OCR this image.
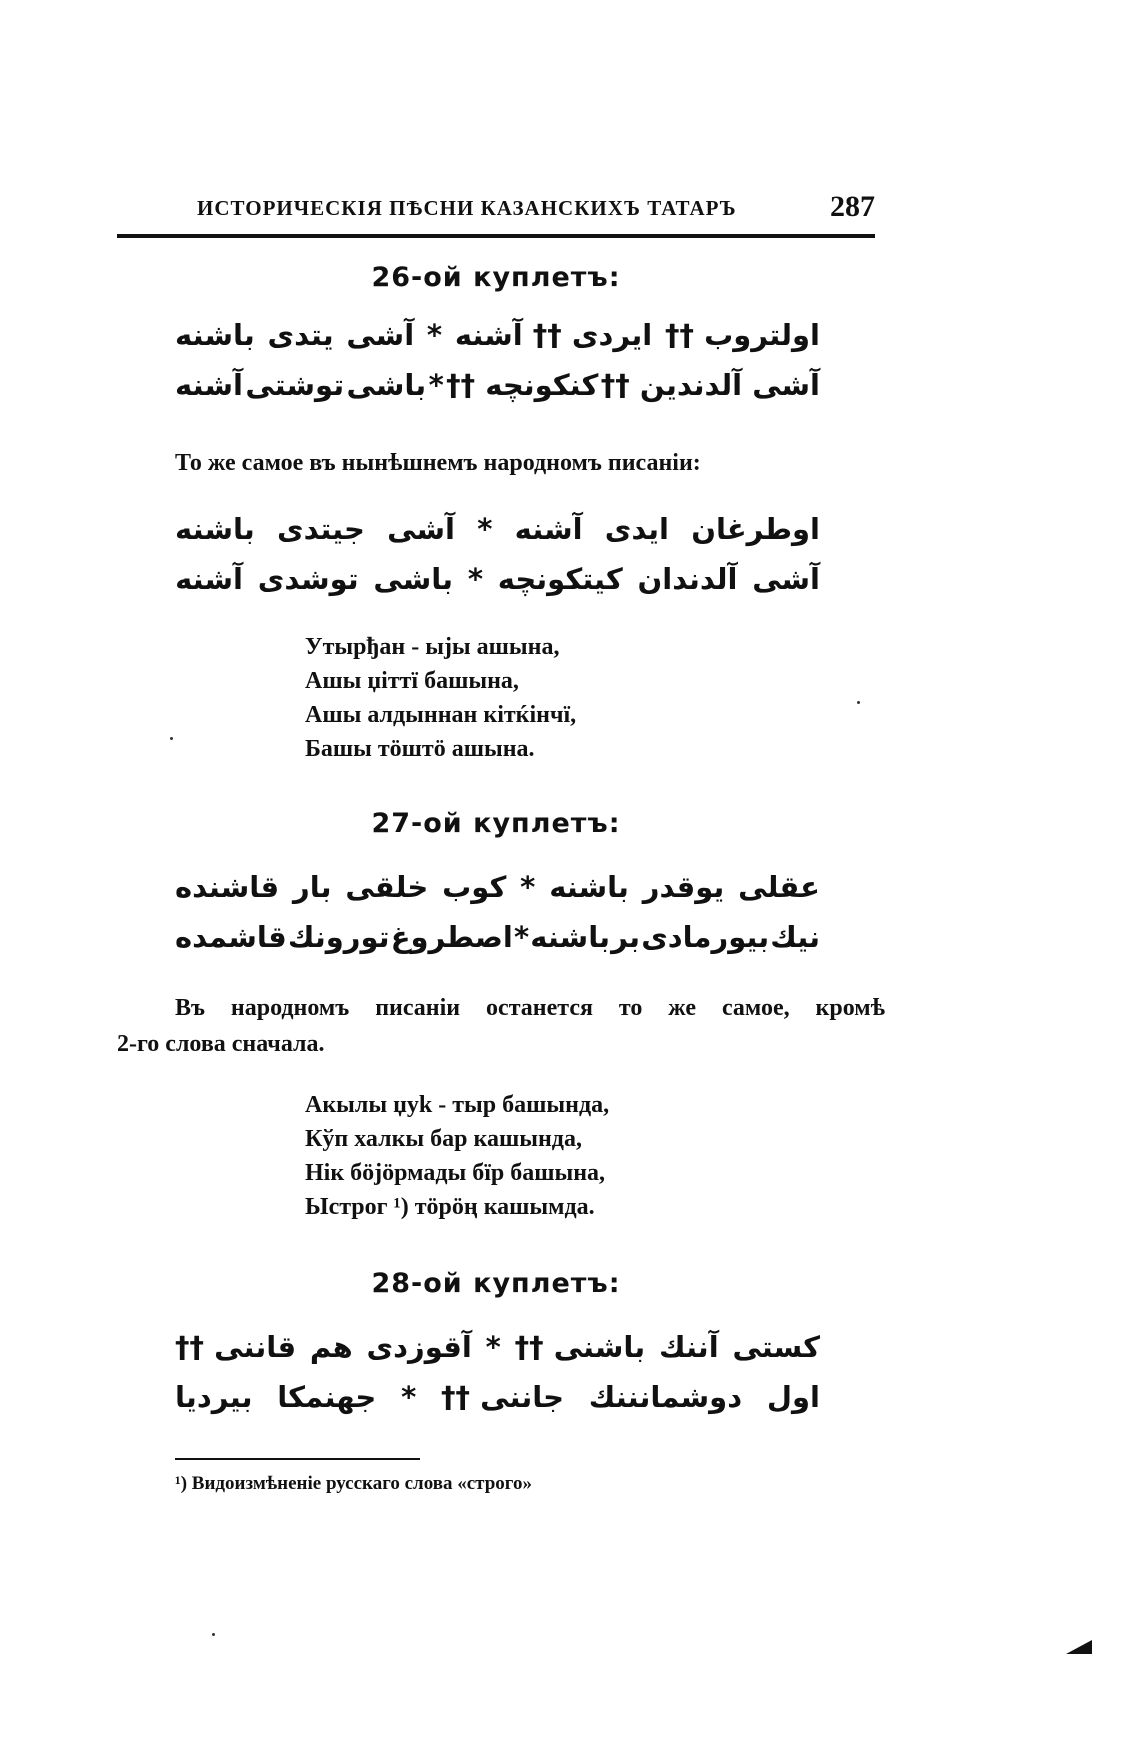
ИСТОРИЧЕСКІЯ ПѢСНИ КАЗАНСКИХЪ ТАТАРЪ	287
26-ой куплетъ:
اولتروب ††
ایردی †† آشنه
*
آشی
یتدی
باشنه
آشی آلدندین ††
کنکونچه ††
*
باشی
توشتی
آشنه
То же самое въ нынѣшнемъ народномъ писаніи:
اوطرغان
ایدی
آشنه
*
آشی
جیتدی
باشنه
آشی
آلدندان
کیتکونچه
*
باشی
توشدی
آشنه
Утырђан - ыјы ашына,
Ашы џіттї башына,
Ашы алдыннан кітќінчї,
Башы тӧштӧ ашына.
27-ой куплетъ:
عقلی
یوقدر
باشنه
*
کوب
خلقی
بار
قاشنده
نیك
بیورمادی
بر
باشنه
*
اصطروغ
تورونك
قاشمده
Въ народномъ писаніи останется то же самое, кромѣ
2-го слова сначала.
Акылы џуk - тыр башында,
Кўп халкы бар кашында,
Нік бӧјӧрмады бїр башына,
Ыстрог ¹) тӧрӧң кашымда.
28-ой куплетъ:
کستی
آننك
باشنی ††
*
آقوزدی
هم
قاننی ††
اول
دوشمانننك
جاننی ††
*
جهنمکا
بیردیا
¹) Видоизмѣненіе русскаго слова «строго»
